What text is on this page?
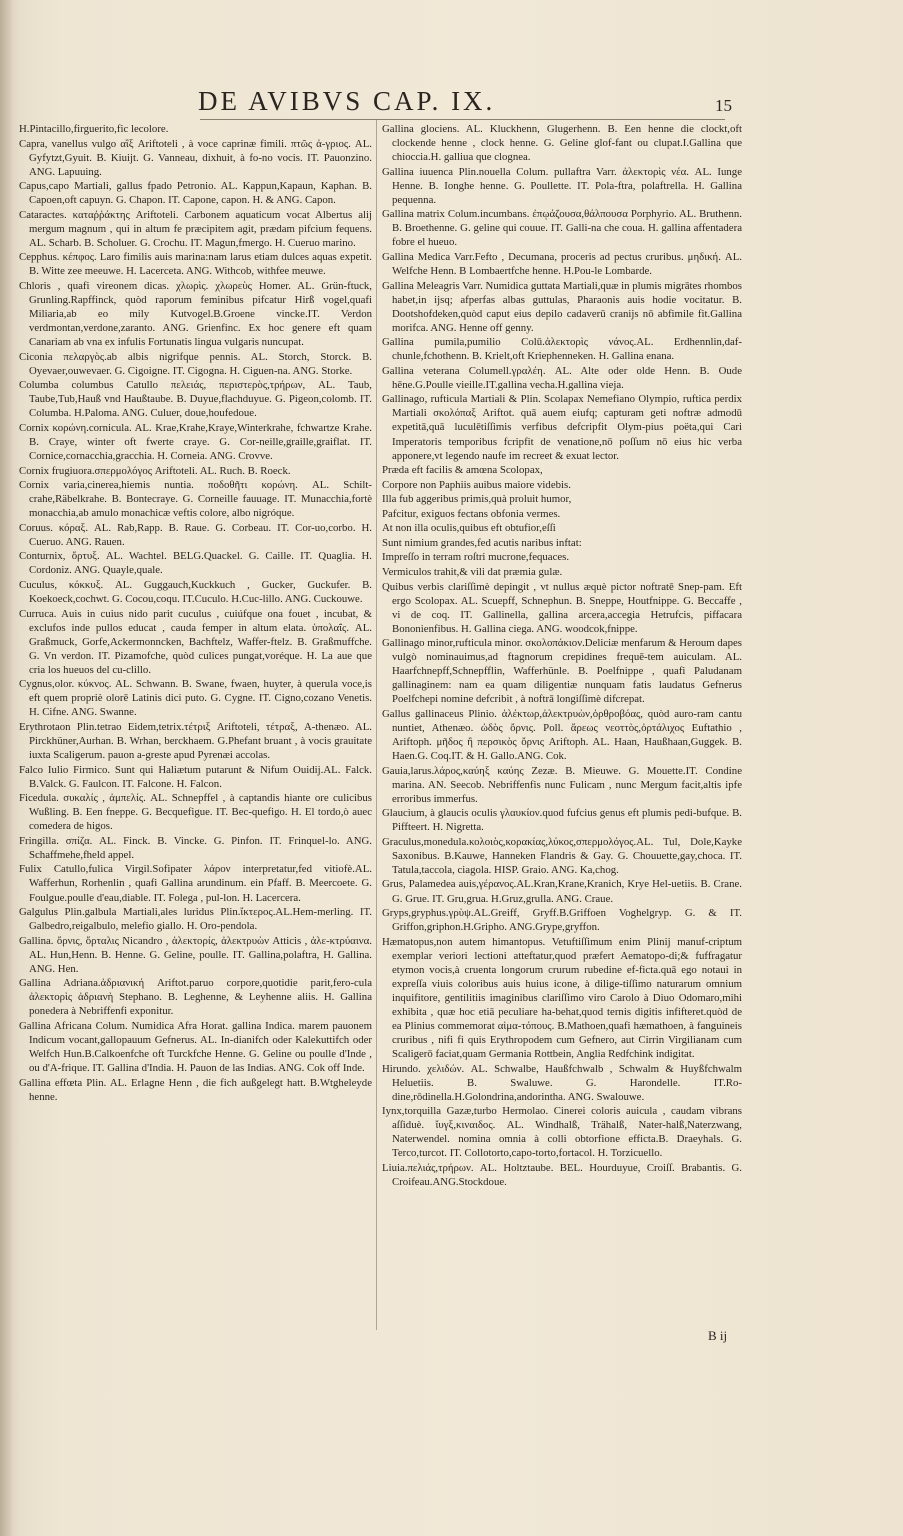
DE AVIBVS CAP. IX.	15

H.Pintacillo,firguerito,fic lecolore.

Capra, vanellus vulgo αἲξ Ariftoteli , à voce caprinæ fimili. πτῶς ἀ-γριος. AL. Gyfytzt,Gyuit. B. Kiuijt. G. Vanneau, dixhuit, à fo-no vocis. IT. Pauonzino. ANG. Lapuuing.

Capus,capo Martiali, gallus fpado Petronio. AL. Kappun,Kapaun, Kaphan. B. Capoen,oft capuyn. G. Chapon. IT. Capone, capon. H. & ANG. Capon.

Cataractes. καταῤῥάκτης Ariftoteli. Carbonem aquaticum vocat Albertus alij mergum magnum , qui in altum fe præcipitem agit, prædam pifcium fequens. AL. Scharb. B. Scholuer. G. Crochu. IT. Magun,fmergo. H. Cueruo marino.

Cepphus. κέπφος. Laro fimilis auis marina:nam larus etiam dulces aquas expetit. B. Witte zee meeuwe. H. Lacerceta. ANG. Withcob, withfee meuwe.

Chloris , quafi vireonem dicas. χλωρὶς. χλωρεὺς Homer. AL. Grün-ftuck, Grunling.Rapffinck, quòd raporum feminibus pifcatur Hirß vogel,quafi Miliaria,ab eo mily Kutvogel.B.Groene vincke.IT. Verdon verdmontan,verdone,zaranto. ANG. Grienfinc. Ex hoc genere eft quam Canariam ab vna ex infulis Fortunatis lingua vulgaris nuncupat.

Ciconia πελαργὸς.ab albis nigrifque pennis. AL. Storch, Storck. B. Oyevaer,ouwevaer. G. Cigoigne. IT. Cigogna. H. Ciguen-na. ANG. Storke.

Columba columbus Catullo πελειάς, περιστερὸς,τρήρων, AL. Taub, Taube,Tub,Hauß vnd Haußtaube. B. Duyue,flachduyue. G. Pigeon,colomb. IT. Columba. H.Paloma. ANG. Culuer, doue,houfedoue.

Cornix κορώνη.cornicula. AL. Krae,Krahe,Kraye,Winterkrahe, fchwartze Krahe. B. Craye, winter oft fwerte craye. G. Cor-neille,graille,graiflat. IT. Cornice,cornacchia,gracchia. H. Corneia. ANG. Crovve.

Cornix frugiuora.σπερμολόγος Ariftoteli. AL. Ruch. B. Roeck.

Cornix varia,cinerea,hiemis nuntia. ποδοθῆτι κορώνη. AL. Schilt-crahe,Räbelkrahe. B. Bontecraye. G. Corneille fauuage. IT. Munacchia,fortè monacchia,ab amulo monachicæ veftis colore, albo nigróque.

Coruus. κόραξ. AL. Rab,Rapp. B. Raue. G. Corbeau. IT. Cor-uo,corbo. H. Cueruo. ANG. Rauen.

Conturnix, ὄρτυξ. AL. Wachtel. BELG.Quackel. G. Caille. IT. Quaglia. H. Cordoniz. ANG. Quayle,quale.

Cuculus, κόκκυξ. AL. Guggauch,Kuckkuch , Gucker, Guckufer. B. Koekoeck,cochwt. G. Cocou,coqu. IT.Cuculo. H.Cuc-lillo. ANG. Cuckouwe.

Curruca. Auis in cuius nido parit cuculus , cuiúfque ona fouet , incubat, & exclufos inde pullos educat , cauda femper in altum elata. ὑπολαΐς. AL. Graßmuck, Gorfe,Ackermonncken, Bachftelz, Waffer-ftelz. B. Graßmuffche. G. Vn verdon. IT. Pizamofche, quòd culices pungat,voréque. H. La aue que cria los hueuos del cu-clillo.

Cygnus,olor. κύκνος. AL. Schwann. B. Swane, fwaen, huyter, à querula voce,is eft quem propriè olorē Latinis dici puto. G. Cygne. IT. Cigno,cozano Venetis. H. Cifne. ANG. Swanne.

Erythrotaon Plin.tetrao Eidem,tetrix.τέτριξ Ariftoteli, τέτραξ, A-thenæo. AL. Pirckhüner,Aurhan. B. Wrhan, berckhaem. G.Phefant bruant , à vocis grauitate iuxta Scaligerum. pauon a-greste apud Pyrenæi accolas.

Falco Iulio Firmico. Sunt qui Haliætum putarunt & Nifum Ouidij.AL. Falck. B.Valck. G. Faulcon. IT. Falcone. H. Falcon.

Ficedula. συκαλίς , ἀμπελίς. AL. Schnepffel , à captandis hiante ore culicibus Wußling. B. Een fneppe. G. Becquefigue. IT. Bec-quefigo. H. El tordo,ò auec comedera de higos.

Fringilla. σπίζα. AL. Finck. B. Vincke. G. Pinfon. IT. Frinquel-lo. ANG. Schaffmehe,fheld appel.

Fulix Catullo,fulica Virgil.Sofipater λάρον interpretatur,fed vitiofè.AL. Wafferhun, Rorhenlin , quafi Gallina arundinum. ein Pfaff. B. Meercoete. G. Foulgue.poulle d'eau,diable. IT. Folega , pul-lon. H. Lacercera.

Galgulus Plin.galbula Martiali,ales luridus Plin.ἴκτερος.AL.Hem-merling. IT. Galbedro,reigalbulo, melefio giallo. H. Oro-pendola.

Gallina. ὄρνις, ὄρταλις Nicandro , ἀλεκτορίς, ἀλεκτρυὼν Atticis , ἀλε-κτρύαινα. AL. Hun,Henn. B. Henne. G. Geline, poulle. IT. Gallina,polaftra, H. Gallina. ANG. Hen.

Gallina Adriana.ἀδριανική Ariftot.paruo corpore,quotidie parit,fero-cula ἀλεκτορὶς ἀδριανὴ Stephano. B. Leghenne, & Leyhenne aliis. H. Gallina ponedera à Nebriffenfi exponitur.

Gallina Africana Colum. Numidica Afra Horat. gallina Indica. marem pauonem Indicum vocant,gallopauum Gefnerus. AL. In-dianifch oder Kalekuttifch oder Welfch Hun.B.Calkoenfche oft Turckfche Henne. G. Geline ou poulle d'Inde , ou d'A-frique. IT. Gallina d'India. H. Pauon de las Indias. ANG. Cok off Inde.

Gallina effœta Plin. AL. Erlagne Henn , die fich außgelegt hatt. B.Wtgheleyde henne.

Gallina glociens. AL. Kluckhenn, Glugerhenn. B. Een henne die clockt,oft clockende henne , clock henne. G. Geline glof-fant ou clupat.I.Gallina que chioccia.H. galliua que clognea.

Gallina iuuenca Plin.nouella Colum. pullaftra Varr. ἀλεκτορὶς νέα. AL. Iunge Henne. B. Ionghe henne. G. Poullette. IT. Pola-ftra, polaftrella. H. Gallina pequenna.

Gallina matrix Colum.incumbans. ἐπῳάζουσα,θάλπουσα Porphyrio. AL. Bruthenn. B. Broethenne. G. geline qui couue. IT. Galli-na che coua. H. gallina affentadera fobre el hueuo.

Gallina Medica Varr.Fefto , Decumana, proceris ad pectus cruribus. μηδική. AL. Welfche Henn. B Lombaertfche henne. H.Pou-le Lombarde.

Gallina Meleagris Varr. Numidica guttata Martiali,quæ in plumis migrātes rhombos habet,in ijsq; afperfas albas guttulas, Pharaonis auis hodie vocitatur. B. Dootshofdeken,quòd caput eius depilo cadaverū cranijs nō abfimile fit.Gallina morifca. ANG. Henne off genny.

Gallina pumila,pumilio Colū.ἀλεκτορὶς νάνος.AL. Erdhennlin,daf-chunle,fchothenn. B. Krielt,oft Kriephenneken. H. Gallina enana.

Gallina veterana Columell.γραλέη. AL. Alte oder olde Henn. B. Oude hēne.G.Poulle vieille.IT.gallina vecha.H.gallina vieja.

Gallinago, rufticula Martiali & Plin. Scolapax Nemefiano Olympio, ruftica perdix Martiali σκολόπαξ Ariftot. quā auem eiufq; capturam geti noftræ admodū expetitā,quā luculētiſſimis verfibus defcripfit Olym-pius poëta,qui Cari Imperatoris temporibus fcripfit de venatione,nō poſſum nō eius hic verba apponere,vt legendo naufe im recreet & exuat lector.

Præda eft facilis & amœna Scolopax,

Corpore non Paphiis auibus maiore videbis.

Illa fub aggeribus primis,quà proluit humor,

Pafcitur, exiguos fectans obfonia vermes.

At non illa oculis,quibus eft obtufior,eſſi

Sunt nimium grandes,fed acutis naribus inftat:

Impreſſo in terram roſtri mucrone,fequaces.

Vermiculos trahit,& vili dat præmia gulæ.

Quibus verbis clariſſimè depingit , vt nullus æquè pictor noftratē Snep-pam. Eft ergo Scolopax. AL. Scuepff, Schnephun. B. Sneppe, Houtfnippe. G. Beccaffe , vi de coq. IT. Gallinella, gallina arcera,accegia Hetrufcis, piffacara Bononienfibus. H. Gallina ciega. ANG. woodcok,fnippe.

Gallinago minor,rufticula minor. σκολοπάκιον.Deliciæ menfarum & Heroum dapes vulgò nominauimus,ad ftagnorum crepidines frequē-tem auiculam. AL. Haarfchnepff,Schnepfflin, Wafferhünle. B. Poelfnippe , quafi Paludanam gallinaginem: nam ea quam diligentiæ nunquam fatis laudatus Gefnerus Poelfchepi nomine defcribit , à noftrā longiſſimè difcrepat.

Gallus gallinaceus Plinio. ἀλέκτωρ,ἀλεκτρυὼν,ὀρθροβόας, quòd auro-ram cantu nuntiet, Athenæo. ὠδὸς ὄρνις. Poll. ἄρεως νεοττὸς,ὀρτάλιχος Euftathio , Ariftoph. μῆδος ἢ περσικὸς ὄρνις Ariftoph. AL. Haan, Haußhaan,Guggek. B. Haen.G. Coq.IT. & H. Gallo.ANG. Cok.

Gauia,larus.λάρος,καύηξ καύης Zezæ. B. Mieuwe. G. Mouette.IT. Condine marina. AN. Seecob. Nebriffenfis nunc Fulicam , nunc Mergum facit,altis ipfe erroribus immerfus.

Glaucium, à glaucis oculis γλαυκίον.quod fufcius genus eft plumis pedi-bufque. B. Piffteert. H. Nigretta.

Graculus,monedula.κολοιὸς,κορακίας,λύκος,σπερμολόγος.AL. Tul, Dole,Kayke Saxonibus. B.Kauwe, Hanneken Flandris & Gay. G. Chouuette,gay,choca. IT. Tatula,taccola, ciagola. HISP. Graio. ANG. Ka,chog.

Grus, Palamedea auis,γέρανος.AL.Kran,Krane,Kranich, Krye Hel-uetiis. B. Crane. G. Grue. IT. Gru,grua. H.Gruz,grulla. ANG. Craue.

Gryps,gryphus.γρὺψ.AL.Greiff, Gryff.B.Griffoen Voghelgryp. G. & IT. Griffon,griphon.H.Gripho. ANG.Grype,gryffon.

Hæmatopus,non autem himantopus. Vetuftiſſimum enim Plinij manuf-criptum exemplar veriori lectioni atteftatur,quod præfert Aematopo-di;& fuffragatur etymon vocis,à cruenta longorum crurum rubedine ef-ficta.quā ego notaui in expreſſa viuis coloribus auis huius icone, à dilige-tiſſimo naturarum omnium inquifitore, gentilitiis imaginibus clariſſimo viro Carolo à Diuo Odomaro,mihi exhibita , quæ hoc etiā peculiare ha-behat,quod ternis digitis infifteret.quòd de ea Plinius commemorat αἱμα-τόπους. B.Mathoen,quafi hæmathoen, à fanguineis cruribus , nifi fi quis Erythropodem cum Gefnero, aut Cirrin Virgilianam cum Scaligerō faciat,quam Germania Rottbein, Anglia Redfchink indigitat.

Hirundo. χελιδών. AL. Schwalbe, Haußfchwalb , Schwalm & Huyßfchwalm Heluetiis. B. Swaluwe. G. Harondelle. IT.Ro-dine,rōdinella.H.Golondrina,andorintha. ANG. Swalouwe.

Iynx,torquilla Gazæ,turbo Hermolao. Cinerei coloris auicula , caudam vibrans aſſiduè. ἴυγξ,κιναιδος. AL. Windhalß, Trähalß, Nater-halß,Naterzwang, Naterwendel. nomina omnia à colli obtorfione efficta.B. Draeyhals. G. Terco,turcot. IT. Collotorto,capo-torto,fortacol. H. Torzicuello.

Liuia.πελιάς,τρήρων. AL. Holtztaube. BEL. Hourduyue, Croiſſ. Brabantis. G. Croifeau.ANG.Stockdoue.

B ij
